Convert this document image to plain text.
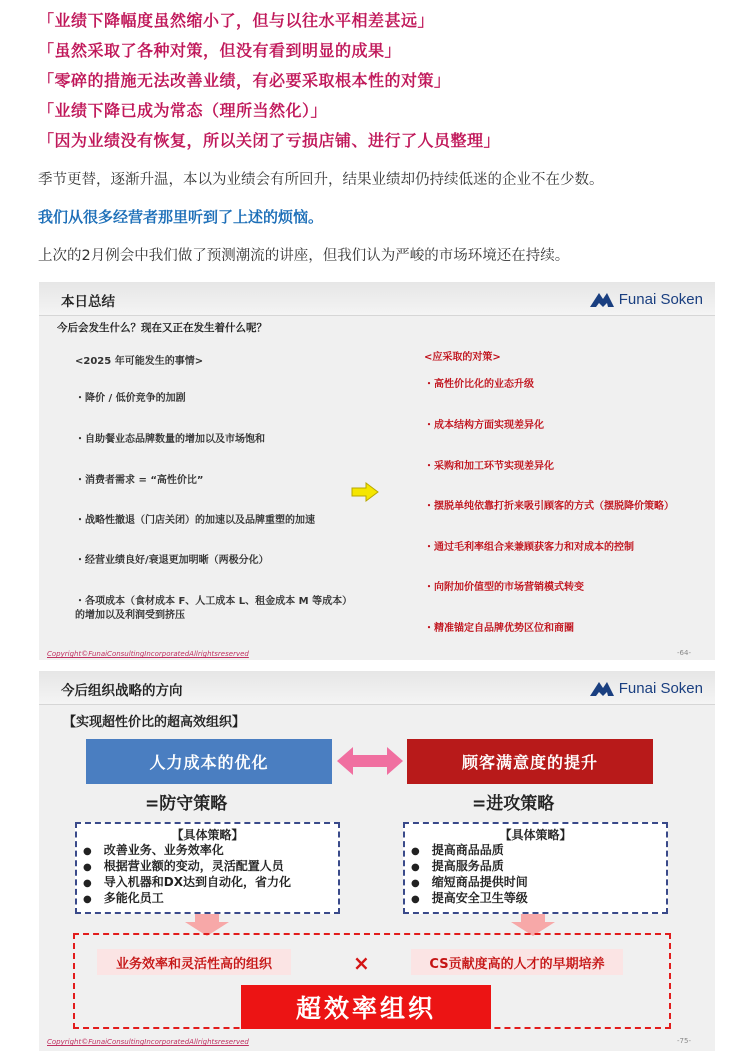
「业绩下降幅度虽然缩小了，但与以往水平相差甚远」
「虽然采取了各种对策，但没有看到明显的成果」
「零碎的措施无法改善业绩，有必要采取根本性的对策」
「业绩下降已成为常态（理所当然化）」
「因为业绩没有恢复，所以关闭了亏损店铺、进行了人员整理」
季节更替，逐渐升温，本以为业绩会有所回升，结果业绩却仍持续低迷的企业不在少数。
我们从很多经营者那里听到了上述的烦恼。
上次的2月例会中我们做了预测潮流的讲座，但我们认为严峻的市场环境还在持续。
本日总结	Funai Soken
今后会发生什么？现在又正在发生着什么呢？
<2025 年可能发生的事情>
・降价 / 低价竞争的加剧
・自助餐业态品牌数量的增加以及市场饱和
・消费者需求 = “高性价比”
・战略性撤退（门店关闭）的加速以及品牌重塑的加速
・经营业绩良好/衰退更加明晰（两极分化）
・各项成本（食材成本 F、人工成本 L、租金成本 M 等成本）
的增加以及利润受到挤压
<应采取的对策>
・高性价比化的业态升级
・成本结构方面实现差异化
・采购和加工环节实现差异化
・摆脱单纯依靠打折来吸引顾客的方式（摆脱降价策略）
・通过毛利率组合来兼顾获客力和对成本的控制
・向附加价值型的市场营销模式转变
・精准锚定自品牌优势区位和商圈
Copyright©FunaiConsultingIncorporatedAllrightsreserved	-64-
今后组织战略的方向	Funai Soken
【实现超性价比的超高效组织】
人力成本的优化	顾客满意度的提升
=防守策略	=进攻策略
【具体策略】
● 改善业务、业务效率化
● 根据营业额的变动，灵活配置人员
● 导入机器和DX达到自动化，省力化
● 多能化员工
【具体策略】
● 提高商品品质
● 提高服务品质
● 缩短商品提供时间
● 提高安全卫生等级
业务效率和灵活性高的组织	×	CS贡献度高的人才的早期培养
超效率组织
Copyright©FunaiConsultingIncorporatedAllrightsreserved	-75-
